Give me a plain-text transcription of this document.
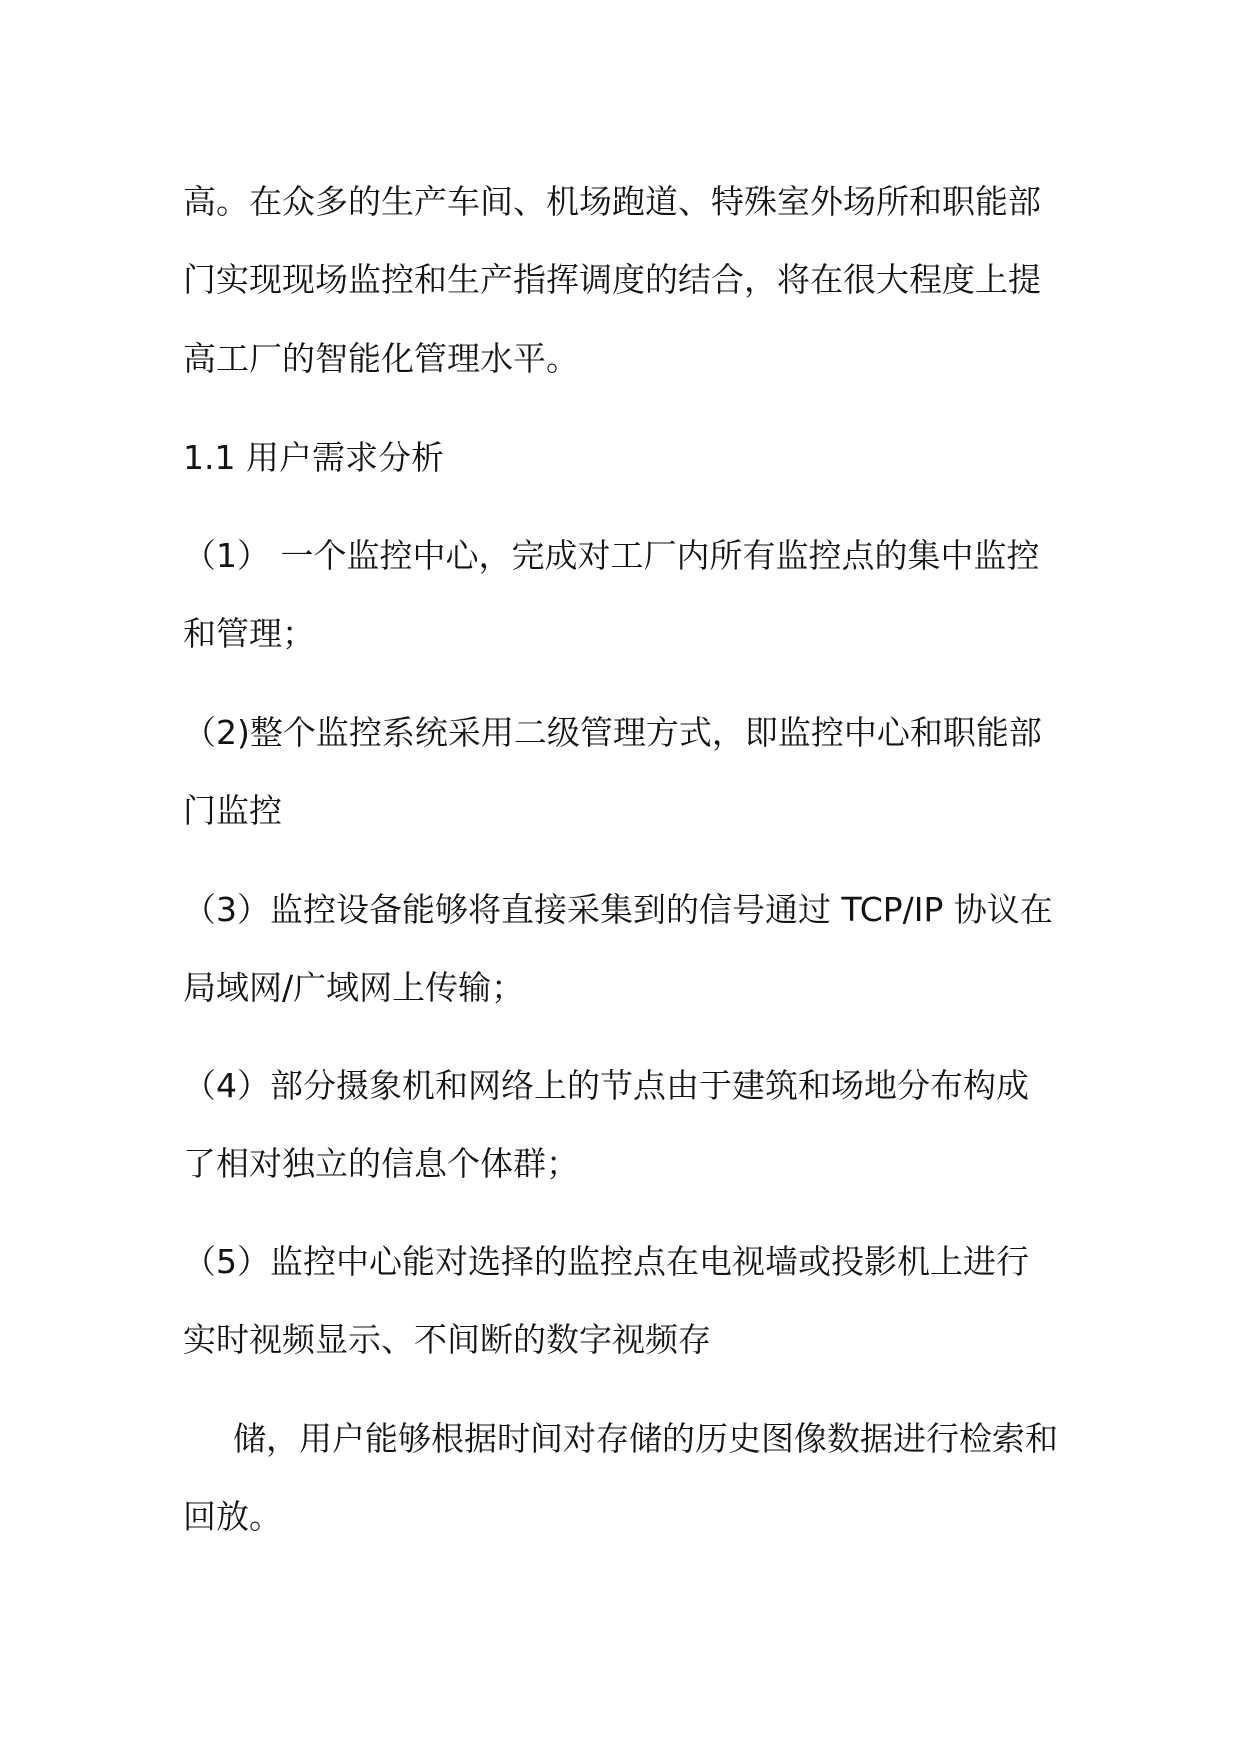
高。在众多的生产车间、机场跑道、特殊室外场所和职能部
门实现现场监控和生产指挥调度的结合，将在很大程度上提
高工厂的智能化管理水平。
1.1 用户需求分析
（1） 一个监控中心，完成对工厂内所有监控点的集中监控
和管理；
（2)整个监控系统采用二级管理方式，即监控中心和职能部
门监控
（3）监控设备能够将直接采集到的信号通过 TCP/IP 协议在
局域网/广域网上传输；
（4）部分摄象机和网络上的节点由于建筑和场地分布构成
了相对独立的信息个体群；
（5）监控中心能对选择的监控点在电视墙或投影机上进行
实时视频显示、不间断的数字视频存
储，用户能够根据时间对存储的历史图像数据进行检索和
回放。
